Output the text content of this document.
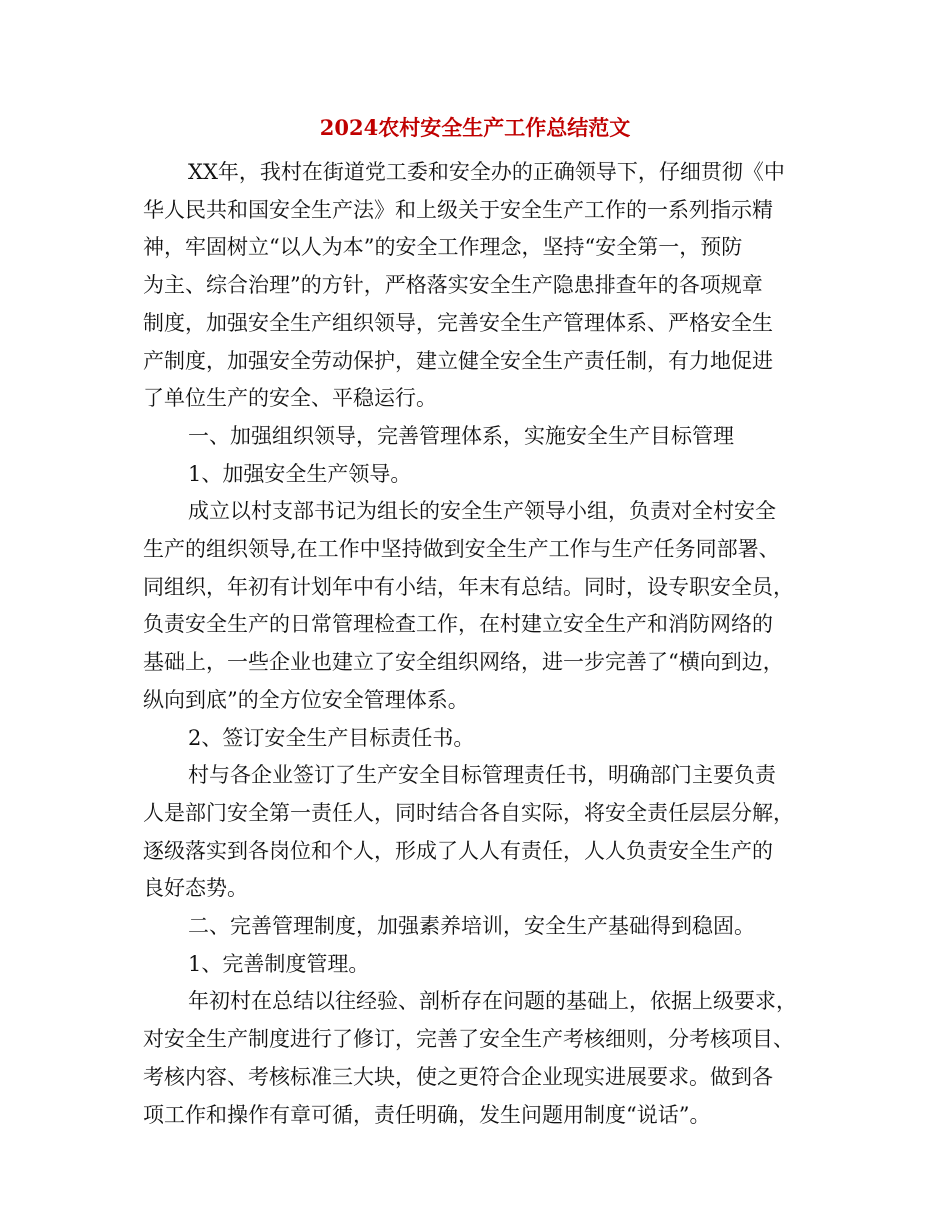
2024农村安全生产工作总结范文

XX年，我村在街道党工委和安全办的正确领导下，仔细贯彻《中
华人民共和国安全生产法》和上级关于安全生产工作的一系列指示精
神，牢固树立“以人为本”的安全工作理念，坚持“安全第一，预防
为主、综合治理”的方针，严格落实安全生产隐患排查年的各项规章
制度，加强安全生产组织领导，完善安全生产管理体系、严格安全生
产制度，加强安全劳动保护，建立健全安全生产责任制，有力地促进
了单位生产的安全、平稳运行。

一、加强组织领导，完善管理体系，实施安全生产目标管理

1、加强安全生产领导。

成立以村支部书记为组长的安全生产领导小组，负责对全村安全
生产的组织领导,在工作中坚持做到安全生产工作与生产任务同部署、
同组织，年初有计划年中有小结，年末有总结。同时，设专职安全员，
负责安全生产的日常管理检查工作，在村建立安全生产和消防网络的
基础上，一些企业也建立了安全组织网络，进一步完善了“横向到边，
纵向到底”的全方位安全管理体系。

2、签订安全生产目标责任书。

村与各企业签订了生产安全目标管理责任书，明确部门主要负责
人是部门安全第一责任人，同时结合各自实际，将安全责任层层分解，
逐级落实到各岗位和个人，形成了人人有责任，人人负责安全生产的
良好态势。

二、完善管理制度，加强素养培训，安全生产基础得到稳固。

1、完善制度管理。

年初村在总结以往经验、剖析存在问题的基础上，依据上级要求，
对安全生产制度进行了修订，完善了安全生产考核细则，分考核项目、
考核内容、考核标准三大块，使之更符合企业现实进展要求。做到各
项工作和操作有章可循，责任明确，发生问题用制度“说话”。
